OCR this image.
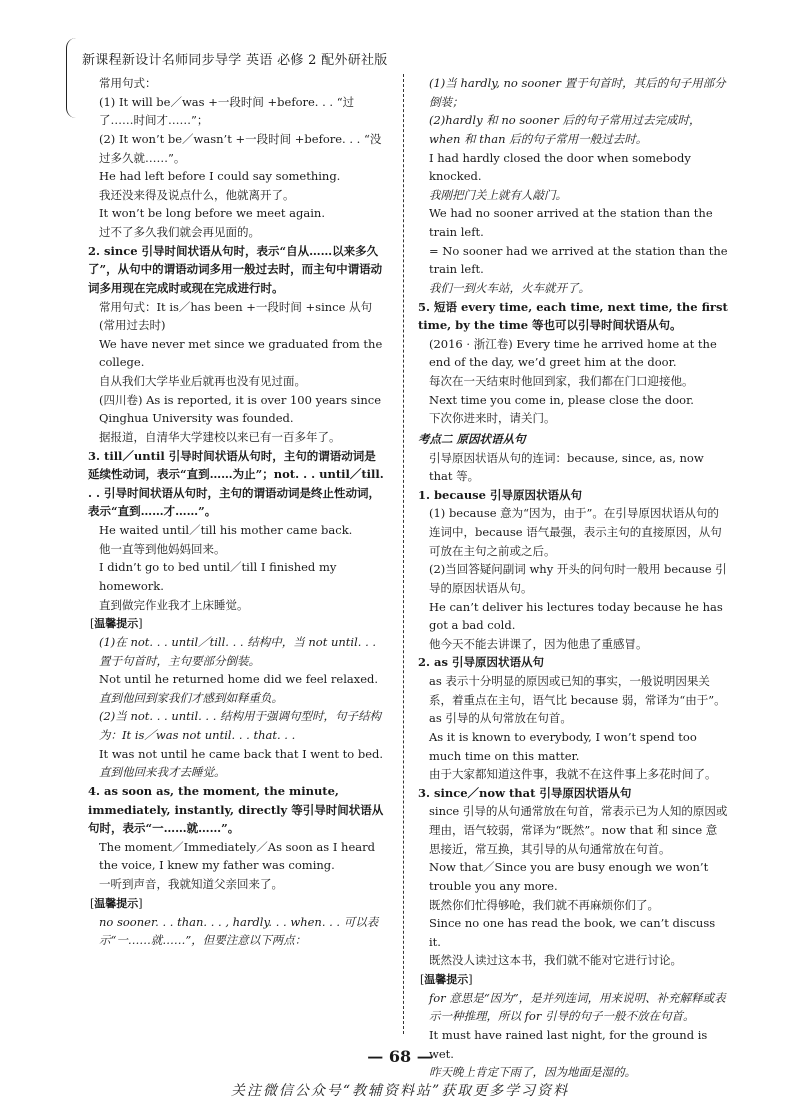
新课程新设计名师同步导学 英语 必修 2 配外研社版

常用句式：

(1) It will be／was +一段时间 +before. . . “过了……时间才……”；

(2) It won’t be／wasn’t +一段时间 +before. . . “没过多久就……”。

He had left before I could say something.

我还没来得及说点什么，他就离开了。

It won’t be long before we meet again.

过不了多久我们就会再见面的。

2. since 引导时间状语从句时，表示“自从……以来多久了”，从句中的谓语动词多用一般过去时，而主句中谓语动词多用现在完成时或现在完成进行时。

常用句式：It is／has been +一段时间 +since 从句(常用过去时)

We have never met since we graduated from the college.

自从我们大学毕业后就再也没有见过面。

(四川卷) As is reported, it is over 100 years since Qinghua University was founded.

据报道，自清华大学建校以来已有一百多年了。

3. till／until 引导时间状语从句时，主句的谓语动词是延续性动词，表示“直到……为止”；not. . . until／till. . . 引导时间状语从句时，主句的谓语动词是终止性动词，表示“直到……才……”。

He waited until／till his mother came back.

他一直等到他妈妈回来。

I didn’t go to bed until／till I finished my homework.

直到做完作业我才上床睡觉。

[ 温馨提示 ]

(1)在 not. . . until／till. . . 结构中，当 not until. . . 置于句首时，主句要部分倒装。

Not until he returned home did we feel relaxed.

直到他回到家我们才感到如释重负。

(2)当 not. . . until. . . 结构用于强调句型时，句子结构为：It is／was not until. . . that. . .

It was not until he came back that I went to bed.

直到他回来我才去睡觉。

4. as soon as, the moment, the minute, immediately, instantly, directly 等引导时间状语从句时，表示“一……就……”。

The moment／Immediately／As soon as I heard the voice, I knew my father was coming.

一听到声音，我就知道父亲回来了。

[ 温馨提示 ]

no sooner. . . than. . . , hardly. . . when. . . 可以表示“一……就……”，但要注意以下两点：

(1)当 hardly, no sooner 置于句首时，其后的句子用部分倒装；

(2)hardly 和 no sooner 后的句子常用过去完成时，when 和 than 后的句子常用一般过去时。

I had hardly closed the door when somebody knocked.

我刚把门关上就有人敲门。

We had no sooner arrived at the station than the train left.

= No sooner had we arrived at the station than the train left.

我们一到火车站，火车就开了。

5. 短语 every time, each time, next time, the first time, by the time 等也可以引导时间状语从句。

(2016 · 浙江卷) Every time he arrived home at the end of the day, we’d greet him at the door.

每次在一天结束时他回到家，我们都在门口迎接他。

Next time you come in, please close the door.

下次你进来时，请关门。

考点二 原因状语从句

引导原因状语从句的连词：because, since, as, now that 等。

1. because 引导原因状语从句

(1) because 意为“因为，由于”。在引导原因状语从句的连词中，because 语气最强，表示主句的直接原因，从句可放在主句之前或之后。

(2)当回答疑问副词 why 开头的问句时一般用 because 引导的原因状语从句。

He can’t deliver his lectures today because he has got a bad cold.

他今天不能去讲课了，因为他患了重感冒。

2. as 引导原因状语从句

as 表示十分明显的原因或已知的事实，一般说明因果关系，着重点在主句，语气比 because 弱，常译为“由于”。as 引导的从句常放在句首。

As it is known to everybody, I won’t spend too much time on this matter.

由于大家都知道这件事，我就不在这件事上多花时间了。

3. since／now that 引导原因状语从句

since 引导的从句通常放在句首，常表示已为人知的原因或理由，语气较弱，常译为“既然”。now that 和 since 意思接近，常互换，其引导的从句通常放在句首。

Now that／Since you are busy enough we won’t trouble you any more.

既然你们忙得够呛，我们就不再麻烦你们了。

Since no one has read the book, we can’t discuss it.

既然没人读过这本书，我们就不能对它进行讨论。

[ 温馨提示 ]

for 意思是“因为”，是并列连词，用来说明、补充解释或表示一种推理，所以 for 引导的句子一般不放在句首。

It must have rained last night, for the ground is wet.

昨天晚上肯定下雨了，因为地面是湿的。

— 68 —
关注微信公众号“教辅资料站”获取更多学习资料
